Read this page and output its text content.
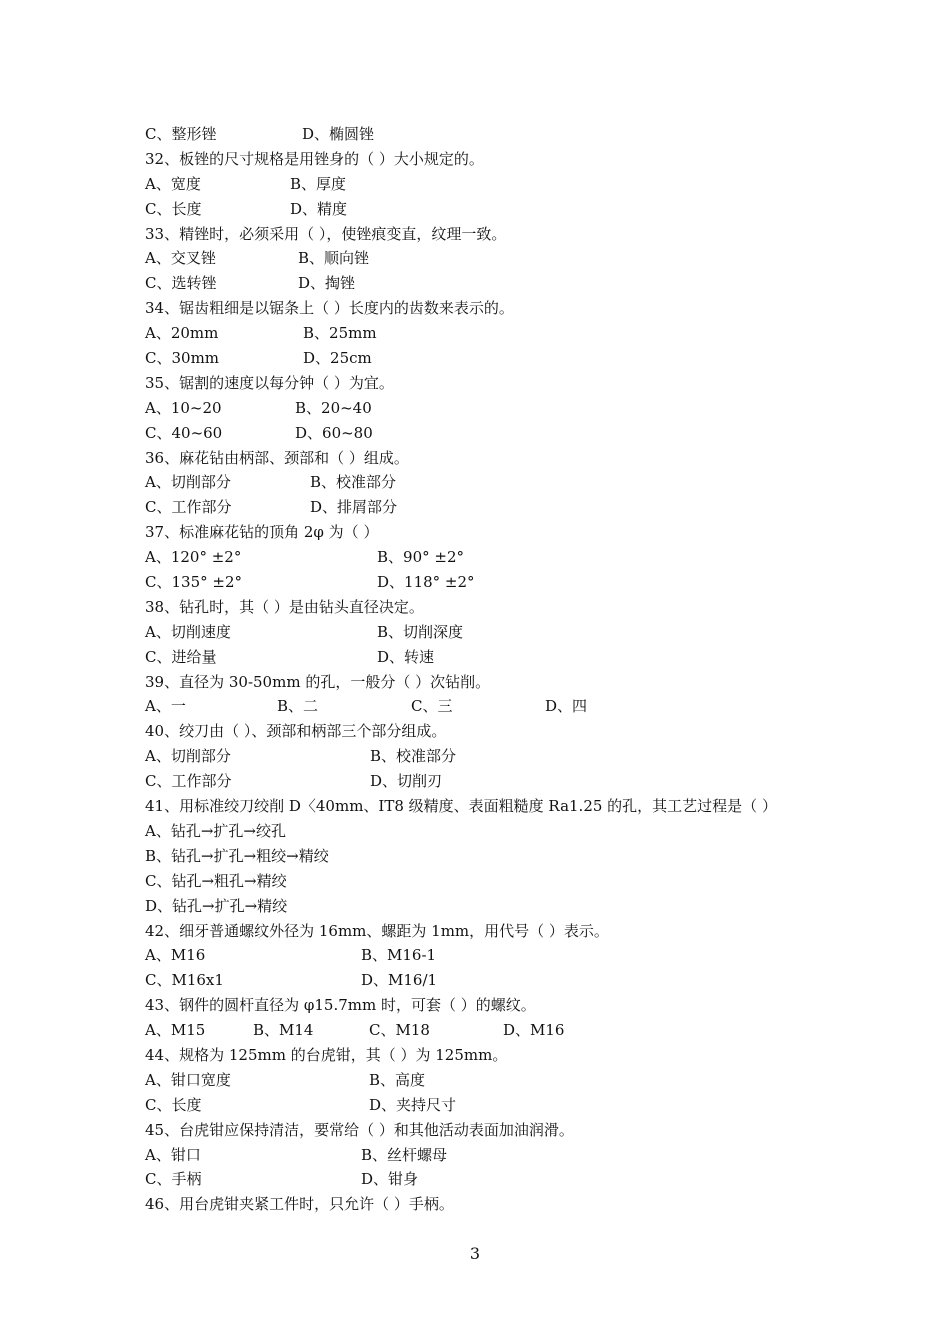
C、整形锉	D、椭圆锉
32、板锉的尺寸规格是用锉身的（ ）大小规定的。
A、宽度	B、厚度
C、长度	D、精度
33、精锉时，必须采用（ ），使锉痕变直，纹理一致。
A、交叉锉	B、顺向锉
C、选转锉	D、掏锉
34、锯齿粗细是以锯条上（ ）长度内的齿数来表示的。
A、20mm	B、25mm
C、30mm	D、25cm
35、锯割的速度以每分钟（ ）为宜。
A、10~20	B、20~40
C、40~60	D、60~80
36、麻花钻由柄部、颈部和（ ）组成。
A、切削部分	B、校准部分
C、工作部分	D、排屑部分
37、标准麻花钻的顶角 2φ 为（ ）
A、120° ±2°	B、90° ±2°
C、135° ±2°	D、118° ±2°
38、钻孔时，其（ ）是由钻头直径决定。
A、切削速度	B、切削深度
C、进给量	D、转速
39、直径为 30-50mm 的孔，一般分（ ）次钻削。
A、一	B、二	C、三	D、四
40、绞刀由（ ）、颈部和柄部三个部分组成。
A、切削部分	B、校准部分
C、工作部分	D、切削刃
41、用标准绞刀绞削 D〈40mm、IT8 级精度、表面粗糙度 Ra1.25 的孔，其工艺过程是（ ）
A、钻孔→扩孔→绞孔
B、钻孔→扩孔→粗绞→精绞
C、钻孔→粗孔→精绞
D、钻孔→扩孔→精绞
42、细牙普通螺纹外径为 16mm、螺距为 1mm，用代号（ ）表示。
A、M16	B、M16-1
C、M16x1	D、M16/1
43、钢件的圆杆直径为 φ15.7mm 时，可套（ ）的螺纹。
A、M15	B、M14	C、M18	D、M16
44、规格为 125mm 的台虎钳，其（ ）为 125mm。
A、钳口宽度	B、高度
C、长度	D、夹持尺寸
45、台虎钳应保持清洁，要常给（ ）和其他活动表面加油润滑。
A、钳口	B、丝杆螺母
C、手柄	D、钳身
46、用台虎钳夹紧工件时，只允许（ ）手柄。
3
